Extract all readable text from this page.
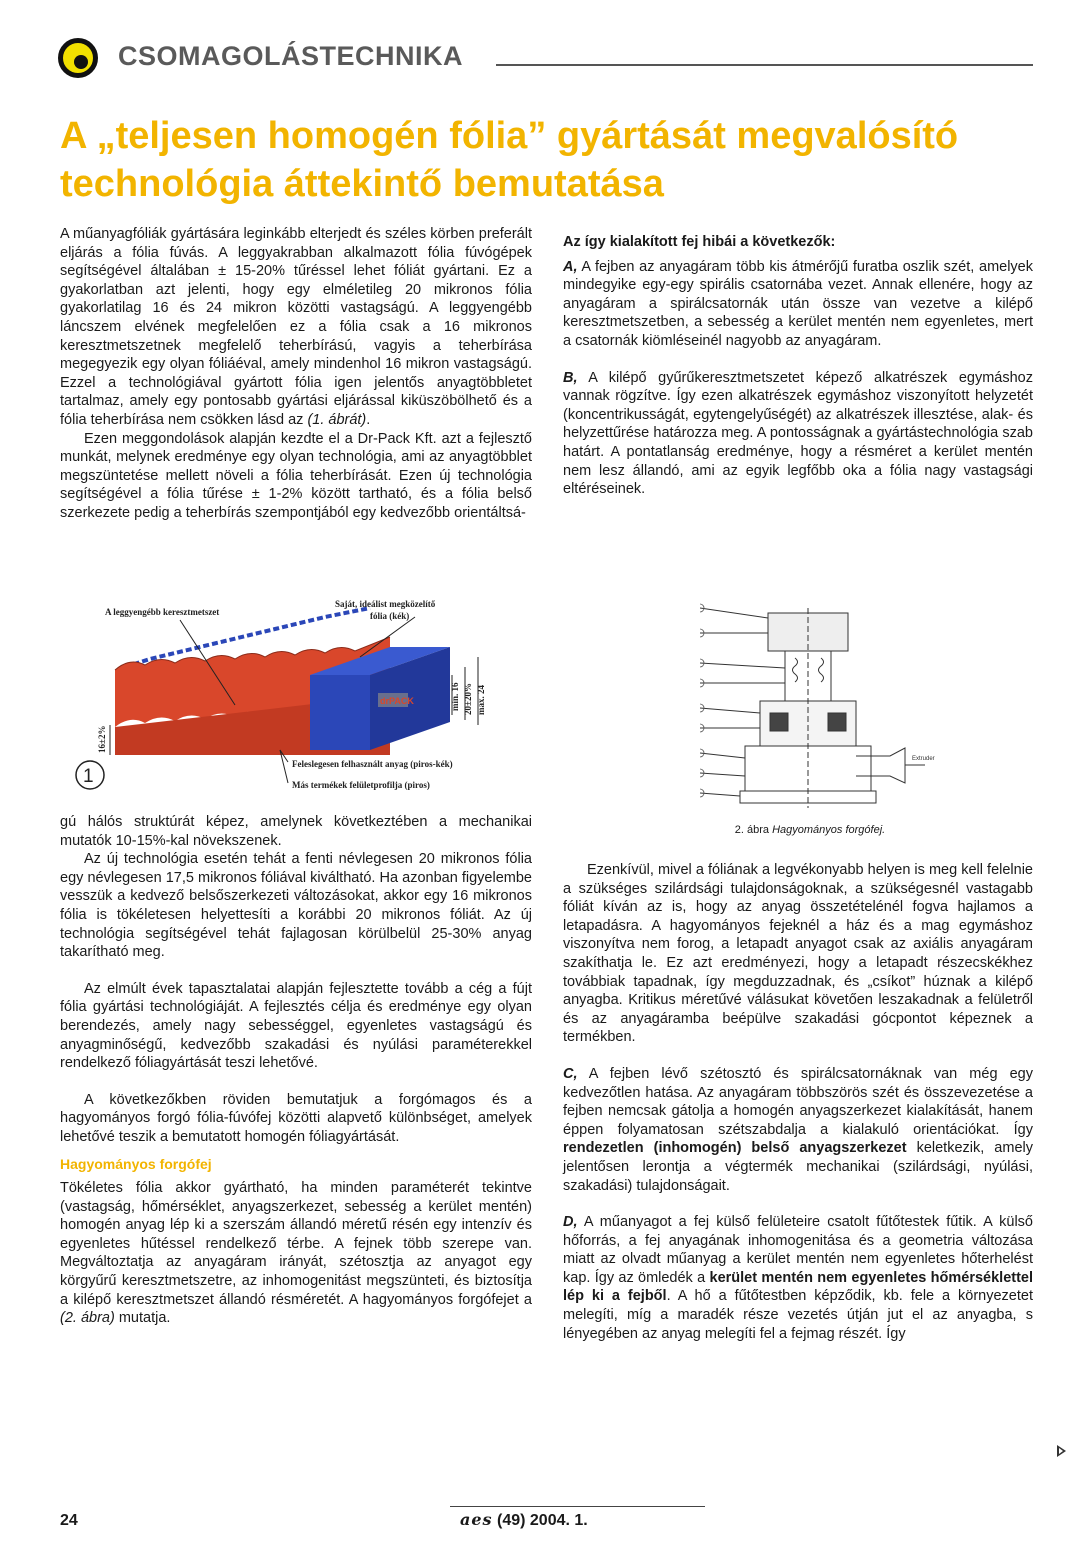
CSOMAGOLÁSTECHNIKA
A „teljesen homogén fólia” gyártását megvalósító technológia áttekintő bemutatása

A műanyagfóliák gyártására leginkább elterjedt és széles körben preferált eljárás a fólia fúvás. A leggyakrabban alkalmazott fólia fúvógépek segítségével általában ± 15-20% tűréssel lehet fóliát gyártani. Ez a gyakorlatban azt jelenti, hogy egy elméletileg 20 mikronos fólia gyakorlatilag 16 és 24 mikron közötti vastagságú. A leggyengébb láncszem elvének megfelelően ez a fólia csak a 16 mikronos keresztmetszetnek megfelelő teherbírású, vagyis a teherbírása megegyezik egy olyan fóliáéval, amely mindenhol 16 mikron vastagságú. Ezzel a technológiával gyártott fólia igen jelentős anyagtöbbletet tartalmaz, amely egy pontosabb gyártási eljárással kiküszöbölhető és a fólia teherbírása nem csökken lásd az (1. ábrát).

Ezen meggondolások alapján kezdte el a Dr-Pack Kft. azt a fejlesztő munkát, melynek eredménye egy olyan technológia, ami az anyagtöbblet megszüntetése mellett növeli a fólia teherbírását. Ezen új technológia segítségével a fólia tűrése ± 1-2% között tartható, és a fólia belső szerkezete pedig a teherbírás szempontjából egy kedvezőbb orientáltsá-

drPACK
A leggyengébb keresztmetszet
Saját, ideálist megközelítő
fólia (kék)
Feleslegesen felhasznált anyag (piros-kék)
Más termékek felületprofilja (piros)
16±2%
min. 16 20±20% max. 24
1

gú hálós struktúrát képez, amelynek következtében a mechanikai mutatók 10-15%-kal növekszenek.

Az új technológia esetén tehát a fenti névlegesen 20 mikronos fólia egy névlegesen 17,5 mikronos fóliával kiváltható. Ha azonban figyelembe vesszük a kedvező belsőszerkezeti változásokat, akkor egy 16 mikronos fólia is tökéletesen helyettesíti a korábbi 20 mikronos fóliát. Az új technológia segítségével tehát fajlagosan körülbelül 25-30% anyag takarítható meg.

Az elmúlt évek tapasztalatai alapján fejlesztette tovább a cég a fújt fólia gyártási technológiáját. A fejlesztés célja és eredménye egy olyan berendezés, amely nagy sebességgel, egyenletes vastagságú és anyagminőségű, kedvezőbb szakadási és nyúlási paraméterekkel rendelkező fóliagyártását teszi lehetővé.

A következőkben röviden bemutatjuk a forgómagos és a hagyományos forgó fólia-fúvófej közötti alapvető különbséget, amelyek lehetővé teszik a bemutatott homogén fóliagyártását.

Hagyományos forgófej

Tökéletes fólia akkor gyártható, ha minden paraméterét tekintve (vastagság, hőmérséklet, anyagszerkezet, sebesség a kerület mentén) homogén anyag lép ki a szerszám állandó méretű résén egy intenzív és egyenletes hűtéssel rendelkező térbe. A fejnek több szerepe van. Megváltoztatja az anyagáram irányát, szétosztja az anyagot egy körgyűrű keresztmetszetre, az inhomogenitást megszünteti, és biztosítja a kilépő keresztmetszet állandó résméretét. A hagyományos forgófejet a (2. ábra) mutatja.

Az így kialakított fej hibái a következők:

A, A fejben az anyagáram több kis átmérőjű furatba oszlik szét, amelyek mindegyike egy-egy spirális csatornába vezet. Annak ellenére, hogy az anyagáram a spirálcsatornák után össze van vezetve a kilépő keresztmetszetben, a sebesség a kerület mentén nem egyenletes, mert a csatornák kiömléseinél nagyobb az anyagáram.

B, A kilépő gyűrűkeresztmetszetet képező alkatrészek egymáshoz vannak rögzítve. Így ezen alkatrészek egymáshoz viszonyított helyzetét (koncentrikusságát, egytengelyűségét) az alkatrészek illesztése, alak- és helyzettűrése határozza meg. A pontosságnak a gyártástechnológia szab határt. A pontatlanság eredménye, hogy a résméret a kerület mentén nem lesz állandó, ami az egyik legfőbb oka a fólia nagy vastagsági eltéréseinek.

Extruder
2. ábra Hagyományos forgófej.

Ezenkívül, mivel a fóliának a legvékonyabb helyen is meg kell felelnie a szükséges szilárdsági tulajdonságoknak, a szükségesnél vastagabb fóliát kíván az is, hogy az anyag összetételénél fogva hajlamos a letapadásra. A hagyományos fejeknél a ház és a mag egymáshoz viszonyítva nem forog, a letapadt anyagot csak az axiális anyagáram szakíthatja le. Ez azt eredményezi, hogy a letapadt részecskékhez továbbiak tapadnak, így megduzzadnak, és „csíkot” húznak a kilépő anyagba. Kritikus méretűvé válásukat követően leszakadnak a felületről és az anyagáramba beépülve szakadási gócpontot képeznek a termékben.

C, A fejben lévő szétosztó és spirálcsatornáknak van még egy kedvezőtlen hatása. Az anyagáram többszörös szét és összevezetése a fejben nemcsak gátolja a homogén anyagszerkezet kialakítását, hanem éppen folyamatosan szétszabdalja a kialakuló orientációkat. Így rendezetlen (inhomogén) belső anyagszerkezet keletkezik, amely jelentősen lerontja a végtermék mechanikai (szilárdsági, nyúlási, szakadási) tulajdonságait.

D, A műanyagot a fej külső felületeire csatolt fűtőtestek fűtik. A külső hőforrás, a fej anyagának inhomogenitása és a geometria változása miatt az olvadt műanyag a kerület mentén nem egyenletes hőterhelést kap. Így az ömledék a kerület mentén nem egyenletes hőmérséklettel lép ki a fejből. A hő a fűtőtestben képződik, kb. fele a környezetet melegíti, míg a maradék része vezetés útján jut el az anyagba, s lényegében az anyag melegíti fel a fejmag részét. Így

24	aes (49) 2004. 1.
